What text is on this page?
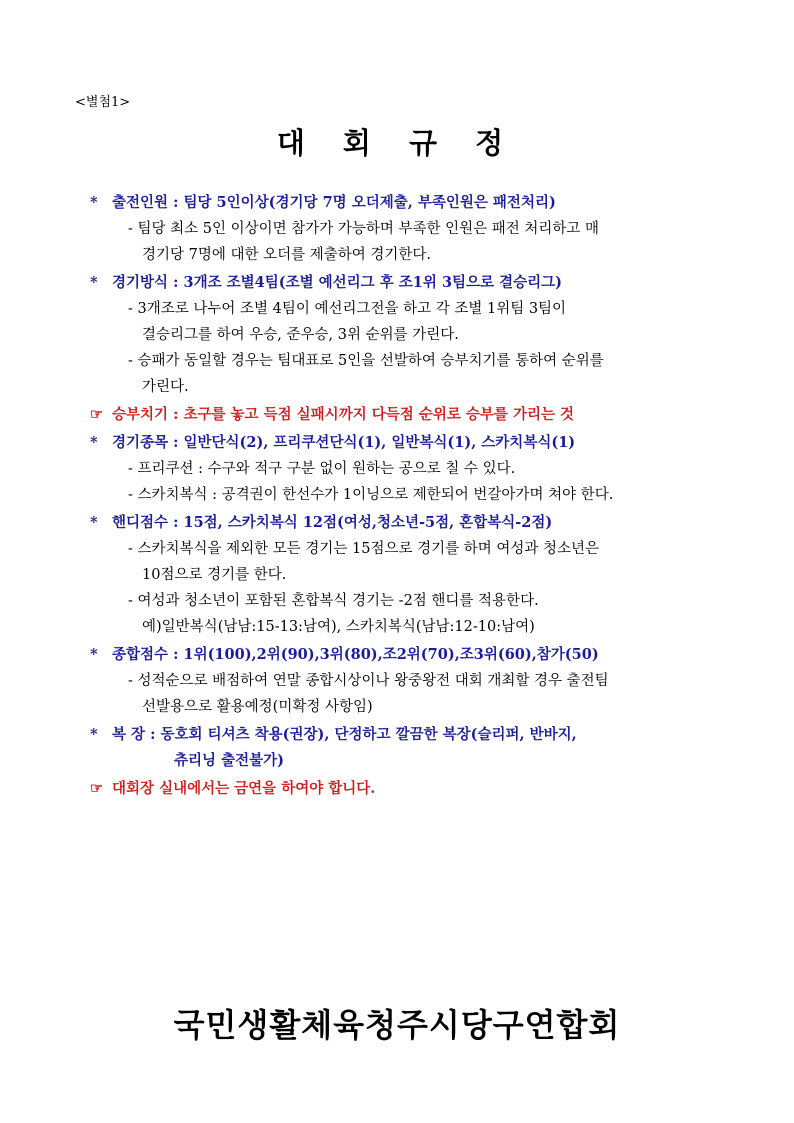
<별첨1>
대 회 규 정
* 출전인원 : 팀당 5인이상(경기당 7명 오더제출, 부족인원은 패전처리)
- 팀당 최소 5인 이상이면 참가가 가능하며 부족한 인원은 패전 처리하고 매
경기당 7명에 대한 오더를 제출하여 경기한다.
* 경기방식 : 3개조 조별4팀(조별 예선리그 후 조1위 3팀으로 결승리그)
- 3개조로 나누어 조별 4팀이 예선리그전을 하고 각 조별 1위팀 3팀이
결승리그를 하여 우승, 준우승, 3위 순위를 가린다.
- 승패가 동일할 경우는 팀대표로 5인을 선발하여 승부치기를 통하여 순위를
가린다.
☞ 승부치기 : 초구를 놓고 득점 실패시까지 다득점 순위로 승부를 가리는 것
* 경기종목 : 일반단식(2), 프리쿠션단식(1), 일반복식(1), 스카치복식(1)
- 프리쿠션 : 수구와 적구 구분 없이 원하는 공으로 칠 수 있다.
- 스카치복식 : 공격권이 한선수가 1이닝으로 제한되어 번갈아가며 쳐야 한다.
* 핸디점수 : 15점, 스카치복식 12점(여성,청소년-5점, 혼합복식-2점)
- 스카치복식을 제외한 모든 경기는 15점으로 경기를 하며 여성과 청소년은
10점으로 경기를 한다.
- 여성과 청소년이 포함된 혼합복식 경기는 -2점 핸디를 적용한다.
예)일반복식(남남:15-13:남여), 스카치복식(남남:12-10:남여)
* 종합점수 : 1위(100),2위(90),3위(80),조2위(70),조3위(60),참가(50)
- 성적순으로 배점하여 연말 종합시상이나 왕중왕전 대회 개최할 경우 출전팀
선발용으로 활용예정(미확정 사항임)
* 복 장 : 동호회 티셔츠 착용(권장), 단정하고 깔끔한 복장(슬리퍼, 반바지,
츄리닝 출전불가)
☞ 대회장 실내에서는 금연을 하여야 합니다.
국민생활체육청주시당구연합회
